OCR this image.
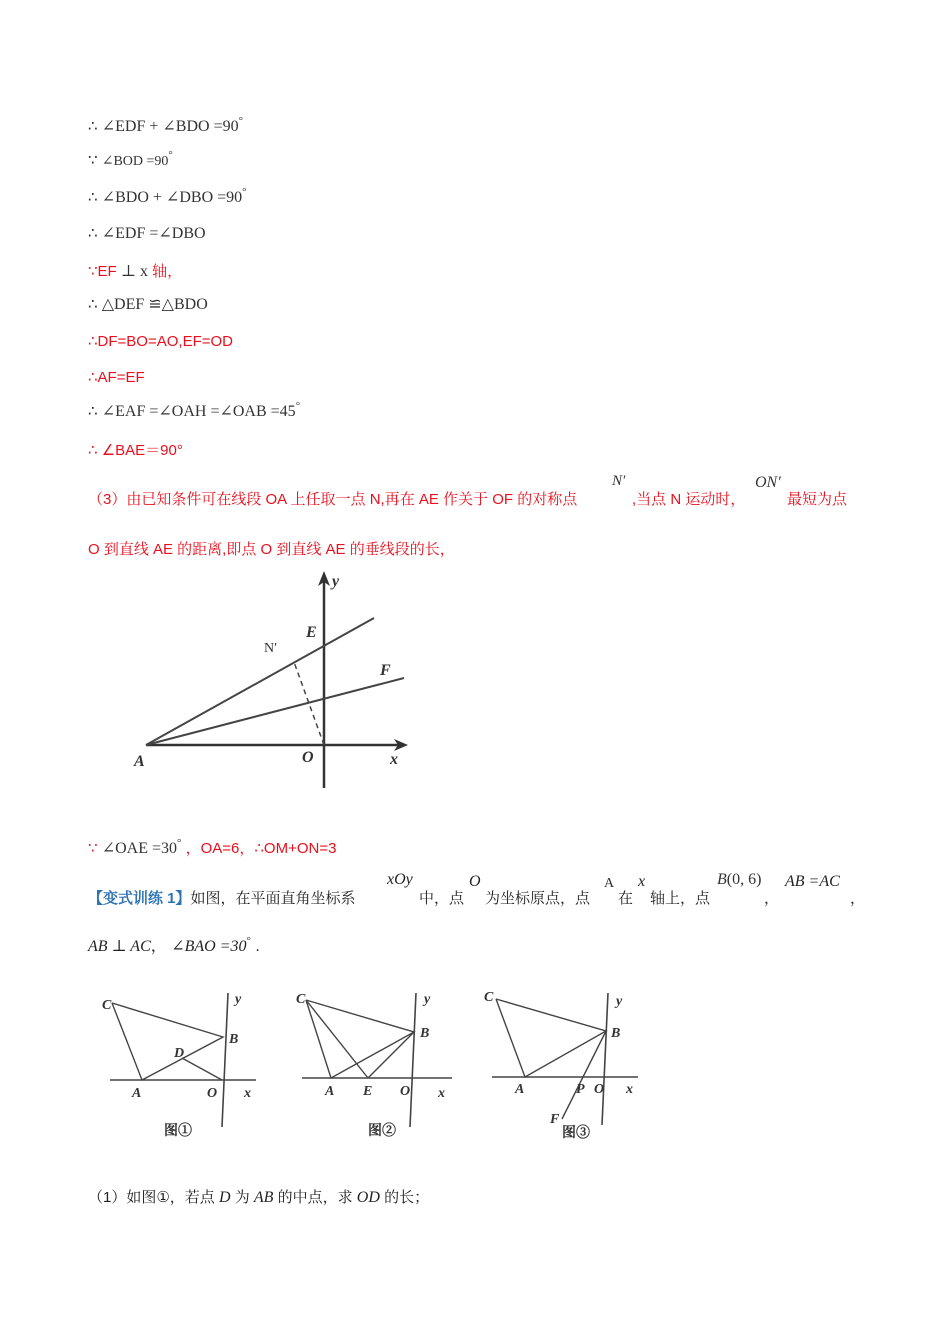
∴ ∠EDF + ∠BDO =90°
∵ ∠BOD =90°
∴ ∠BDO + ∠DBO =90°
∴ ∠EDF =∠DBO
∵EF ⊥ x 轴，
∴ △DEF ≌△BDO
∴DF=BO=AO,EF=OD
∴AF=EF
∴ ∠EAF =∠OAH =∠OAB =45°
∴ ∠BAE＝90°
（3）由已知条件可在线段 OA 上任取一点 N,再在 AE 作关于 OF 的对称点
N′
,当点 N 运动时，
ON′
最短为点
O 到直线 AE 的距离,即点 O 到直线 AE 的垂线段的长，
y
x
E
F
N′
A	O
∵ ∠OAE =30° ，OA=6，∴OM+ON=3
【变式训练 1】如图，在平面直角坐标系
xOy
中，点
O
为坐标原点，点
A
在
x
轴上，点
B(0, 6)
，
AB =AC
，
AB ⊥ AC， ∠BAO =30° .
C
B
D
A	O x
y
图①
C
B
A E O x
y
图②
C
B
A	P O
F
x
y
图③
（1）如图①，若点 D 为 AB 的中点，求 OD 的长；
